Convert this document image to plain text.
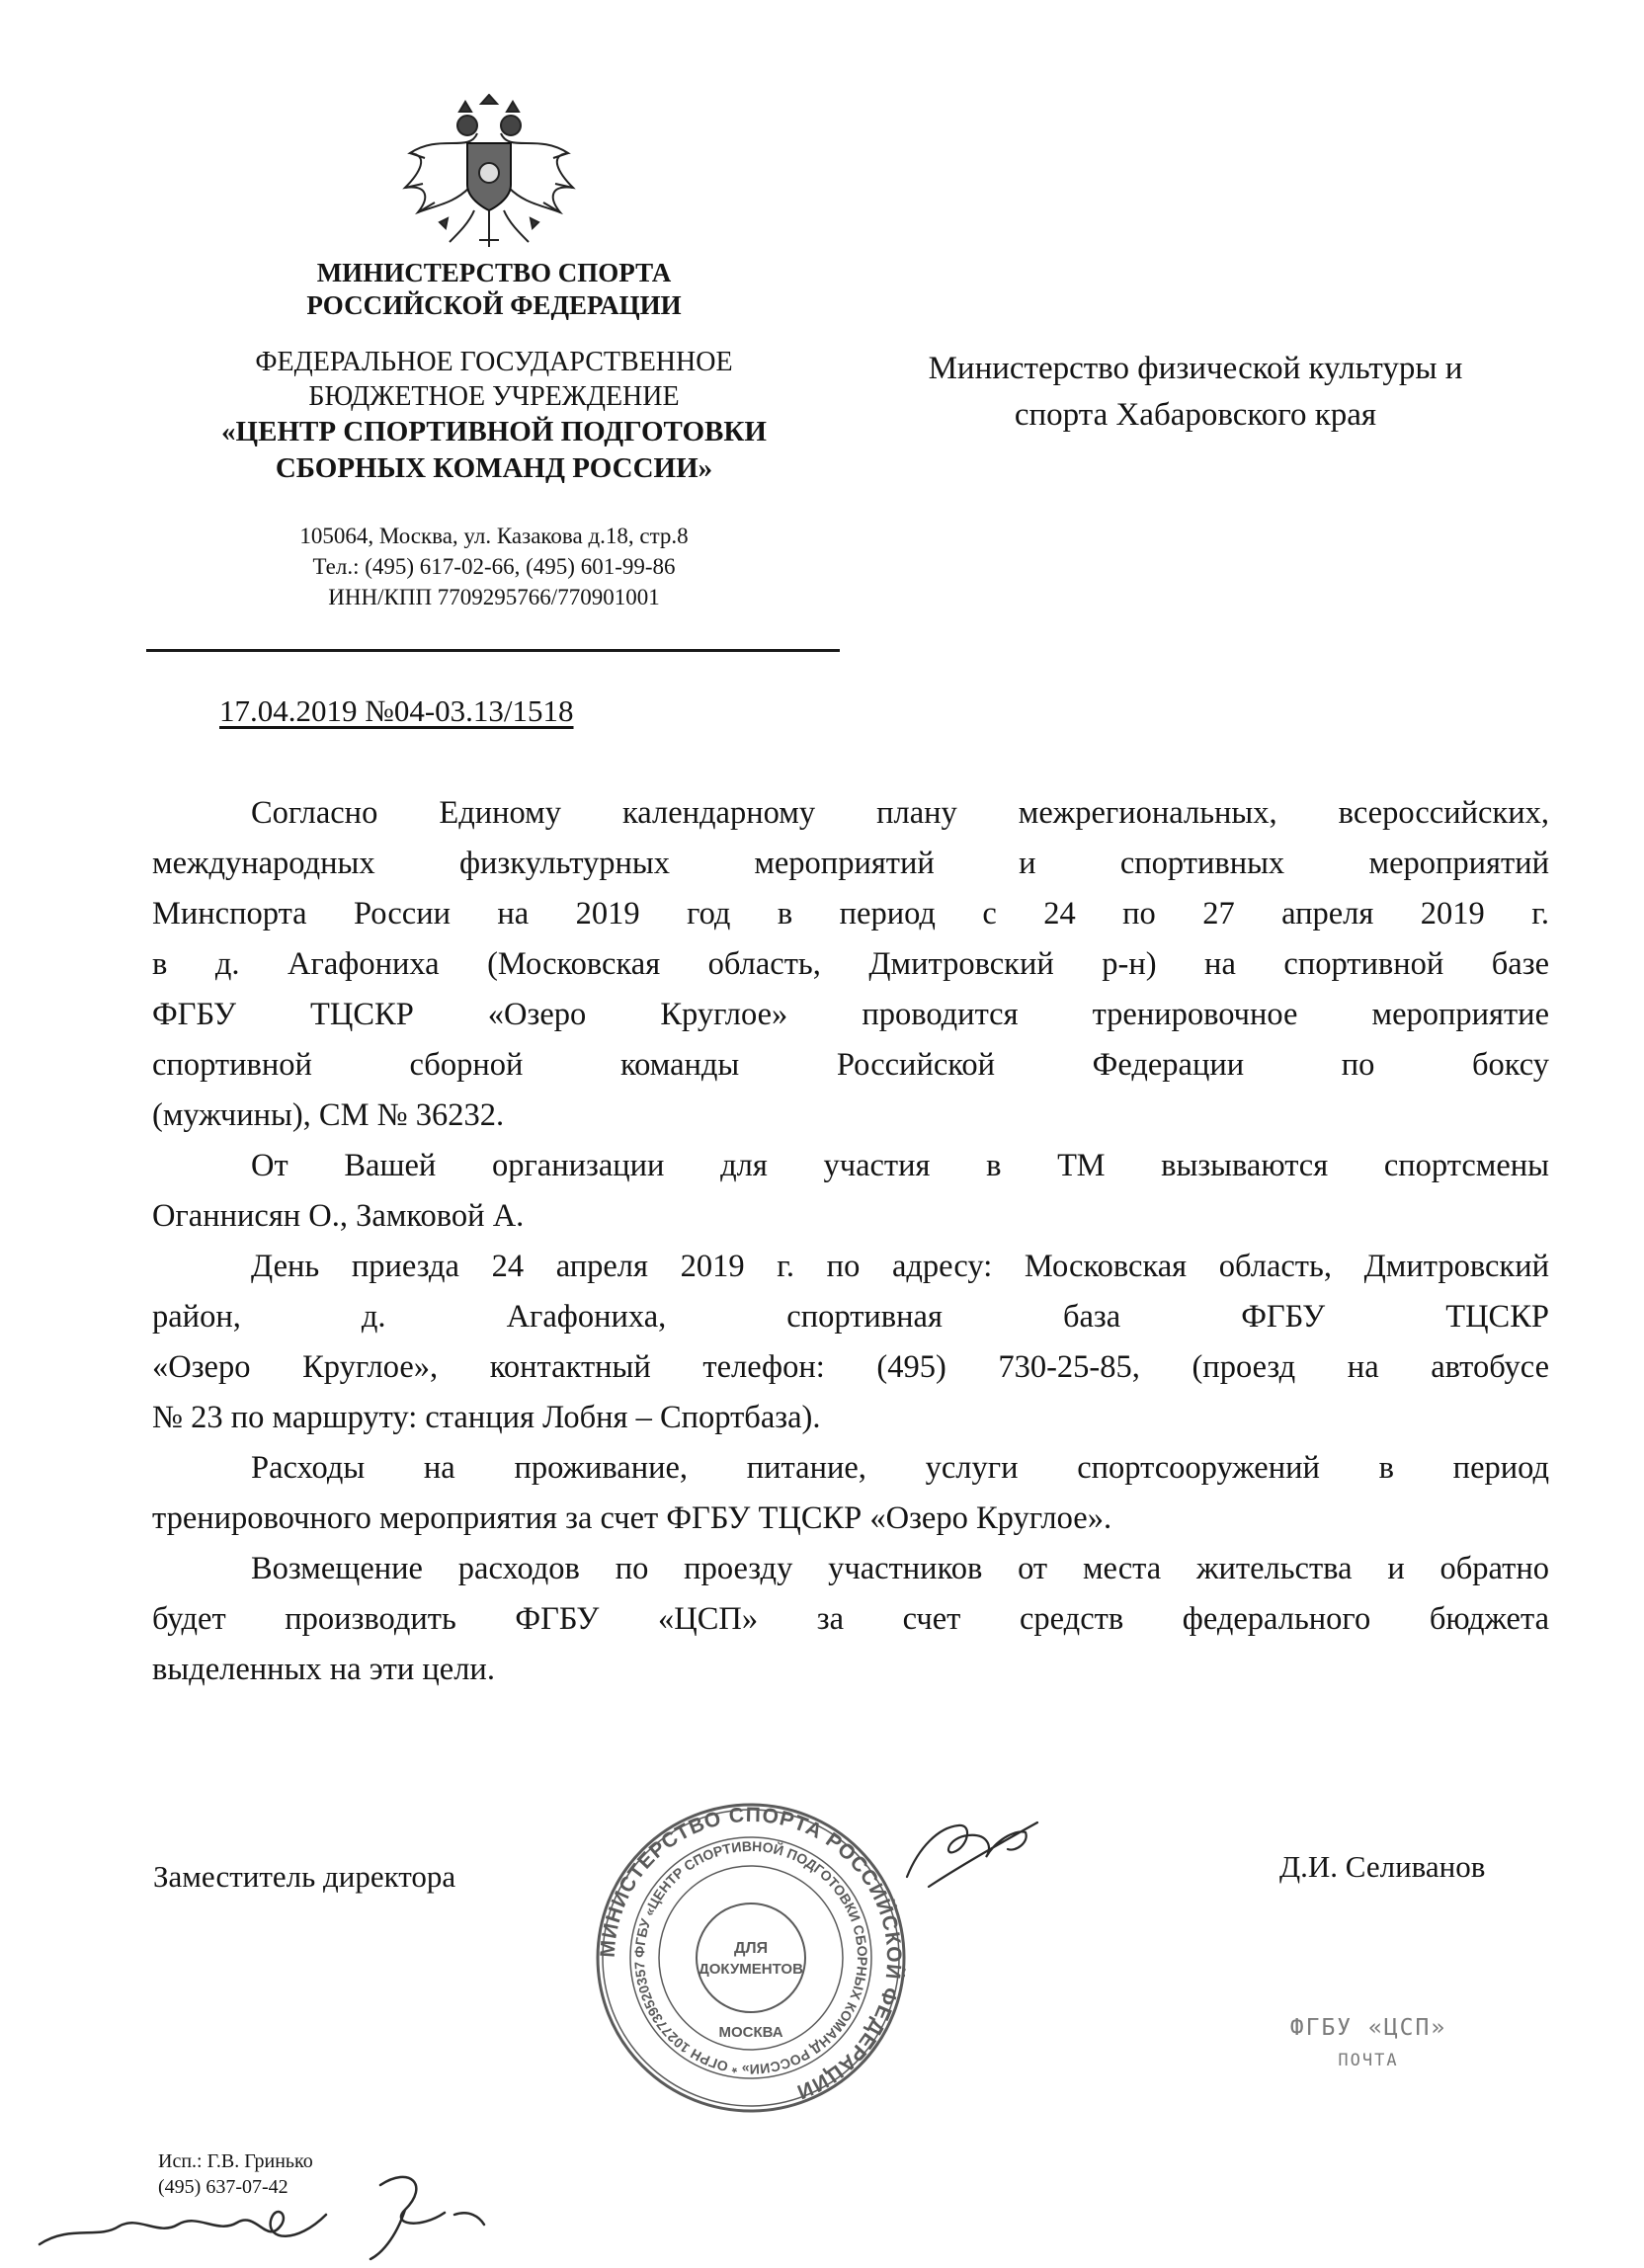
МИНИСТЕРСТВО СПОРТА
РОССИЙСКОЙ ФЕДЕРАЦИИ
ФЕДЕРАЛЬНОЕ ГОСУДАРСТВЕННОЕ
БЮДЖЕТНОЕ УЧРЕЖДЕНИЕ
«ЦЕНТР СПОРТИВНОЙ ПОДГОТОВКИ
СБОРНЫХ КОМАНД РОССИИ»
105064, Москва, ул. Казакова д.18, стр.8
Тел.: (495) 617-02-66, (495) 601-99-86
ИНН/КПП 7709295766/770901001
Министерство физической культуры и
спорта Хабаровского края
17.04.2019 №04-03.13/1518
Согласно Единому календарному плану межрегиональных, всероссийских,
международных физкультурных мероприятий и спортивных мероприятий
Минспорта России на 2019 год в период с 24 по 27 апреля 2019 г.
в д. Агафониха (Московская область, Дмитровский р-н) на спортивной базе
ФГБУ ТЦСКР «Озеро Круглое» проводится тренировочное мероприятие
спортивной сборной команды Российской Федерации по боксу
(мужчины), СМ № 36232.
От Вашей организации для участия в ТМ вызываются спортсмены
Оганнисян О., Замковой А.
День приезда 24 апреля 2019 г. по адресу: Московская область, Дмитровский
район, д. Агафониха, спортивная база ФГБУ ТЦСКР
«Озеро Круглое», контактный телефон: (495) 730-25-85, (проезд на автобусе
№ 23 по маршруту: станция Лобня – Спортбаза).
Расходы на проживание, питание, услуги спортсооружений в период
тренировочного мероприятия за счет ФГБУ ТЦСКР «Озеро Круглое».
Возмещение расходов по проезду участников от места жительства и обратно
будет производить ФГБУ «ЦСП» за счет средств федерального бюджета
выделенных на эти цели.
Заместитель директора	Д.И. Селиванов
МИНИСТЕРСТВО СПОРТА РОССИЙСКОЙ ФЕДЕРАЦИИ
ФГБУ «ЦЕНТР СПОРТИВНОЙ ПОДГОТОВКИ СБОРНЫХ КОМАНД РОССИИ» * ОГРН 1027739520357
ДЛЯ
ДОКУМЕНТОВ
МОСКВА	ФГБУ «ЦСП»
ПОЧТА
Исп.: Г.В. Гринько
(495) 637-07-42
